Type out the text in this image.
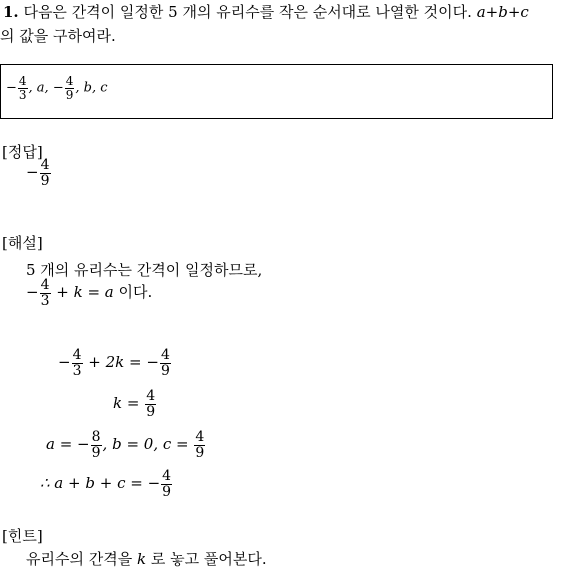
1. 다음은 간격이 일정한 5 개의 유리수를 작은 순서대로 나열한 것이다. a+b+c
의 값을 구하여라.
− $\frac{4}{3}$ , a, − $\frac{4}{9}$ , b, c
[정답]
− $\frac{4}{9}$
[해설]
5 개의 유리수는 간격이 일정하므로,
− $\frac{4}{3} + k = a$ 이다.
− $\frac{4}{3} + 2k$ = − $\frac{4}{9}$
$k = \frac{4}{9}$
a = − $\frac{8}{9}$ , b = 0, $c = \frac{4}{9}$
∴ a + b + c = − $\frac{4}{9}$
[힌트]
유리수의 간격을 k 로 놓고 풀어본다.
